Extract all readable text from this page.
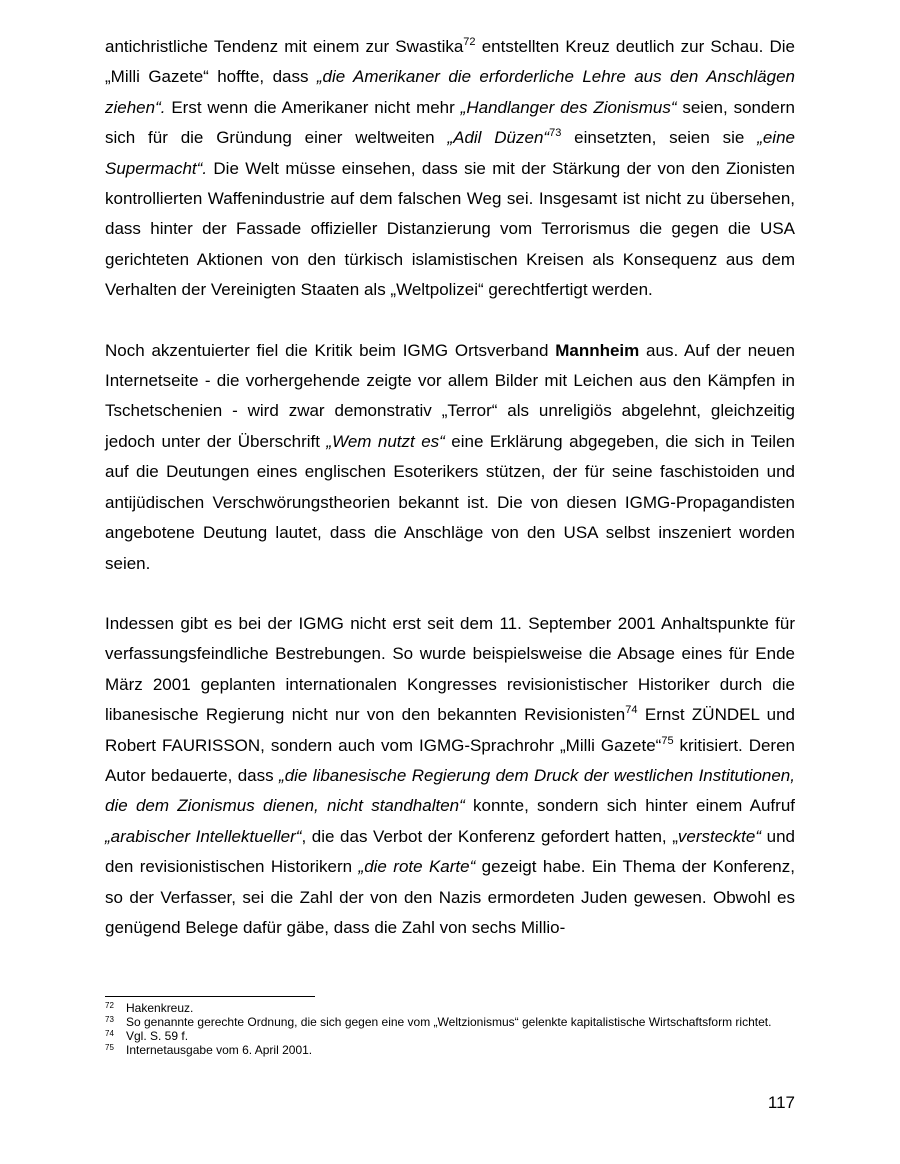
antichristliche Tendenz mit einem zur Swastika$^{72}$ entstellten Kreuz deutlich zur Schau. Die „Milli Gazete“ hoffte, dass „die Amerikaner die erforderliche Lehre aus den Anschlägen ziehen“. Erst wenn die Amerikaner nicht mehr „Handlanger des Zionismus“ seien, sondern sich für die Gründung einer weltweiten „Adil Düzen“$^{73}$ einsetzten, seien sie „eine Supermacht“. Die Welt müsse einsehen, dass sie mit der Stärkung der von den Zionisten kontrollierten Waffenindustrie auf dem falschen Weg sei. Insgesamt ist nicht zu übersehen, dass hinter der Fassade offizieller Distanzierung vom Terrorismus die gegen die USA gerichteten Aktionen von den türkisch islamistischen Kreisen als Konsequenz aus dem Verhalten der Vereinigten Staaten als „Weltpolizei“ gerechtfertigt werden.

Noch akzentuierter fiel die Kritik beim IGMG Ortsverband Mannheim aus. Auf der neuen Internetseite - die vorhergehende zeigte vor allem Bilder mit Leichen aus den Kämpfen in Tschetschenien - wird zwar demonstrativ „Terror“ als unreligiös abgelehnt, gleichzeitig jedoch unter der Überschrift „Wem nutzt es“ eine Erklärung abgegeben, die sich in Teilen auf die Deutungen eines englischen Esoterikers stützen, der für seine faschistoiden und antijüdischen Verschwörungstheorien bekannt ist. Die von diesen IGMG-Propagandisten angebotene Deutung lautet, dass die Anschläge von den USA selbst inszeniert worden seien.

Indessen gibt es bei der IGMG nicht erst seit dem 11. September 2001 Anhaltspunkte für verfassungsfeindliche Bestrebungen. So wurde beispielsweise die Absage eines für Ende März 2001 geplanten internationalen Kongresses revisionistischer Historiker durch die libanesische Regierung nicht nur von den bekannten Revisionisten$^{74}$ Ernst ZÜNDEL und Robert FAURISSON, sondern auch vom IGMG-Sprachrohr „Milli Gazete“$^{75}$ kritisiert. Deren Autor bedauerte, dass „die libanesische Regierung dem Druck der westlichen Institutionen, die dem Zionismus dienen, nicht standhalten“ konnte, sondern sich hinter einem Aufruf „arabischer Intellektueller“, die das Verbot der Konferenz gefordert hatten, „versteckte“ und den revisionistischen Historikern „die rote Karte“ gezeigt habe. Ein Thema der Konferenz, so der Verfasser, sei die Zahl der von den Nazis ermordeten Juden gewesen. Obwohl es genügend Belege dafür gäbe, dass die Zahl von sechs Millio-

72	Hakenkreuz.
73	So genannte gerechte Ordnung, die sich gegen eine vom „Weltzionismus“ gelenkte kapitalistische Wirtschaftsform richtet.
74	Vgl. S. 59 f.
75	Internetausgabe vom 6. April 2001.
117
